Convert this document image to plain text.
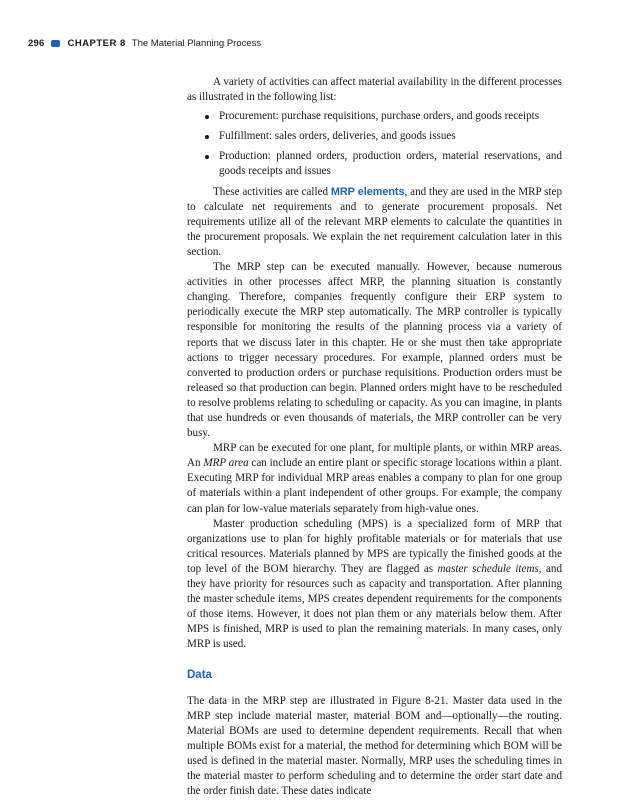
296 CHAPTER 8 The Material Planning Process

A variety of activities can affect material availability in the different processes as illustrated in the following list:

Procurement: purchase requisitions, purchase orders, and goods receipts
Fulfillment: sales orders, deliveries, and goods issues
Production: planned orders, production orders, material reservations, and goods receipts and issues

These activities are called MRP elements, and they are used in the MRP step to calculate net requirements and to generate procurement proposals. Net requirements utilize all of the relevant MRP elements to calculate the quantities in the procurement proposals. We explain the net requirement calculation later in this section.

The MRP step can be executed manually. However, because numerous activities in other processes affect MRP, the planning situation is constantly changing. Therefore, companies frequently configure their ERP system to periodically execute the MRP step automatically. The MRP controller is typically responsible for monitoring the results of the planning process via a variety of reports that we discuss later in this chapter. He or she must then take appropriate actions to trigger necessary procedures. For example, planned orders must be converted to production orders or purchase requisitions. Production orders must be released so that production can begin. Planned orders might have to be rescheduled to resolve problems relating to scheduling or capacity. As you can imagine, in plants that use hundreds or even thousands of materials, the MRP controller can be very busy.

MRP can be executed for one plant, for multiple plants, or within MRP areas. An MRP area can include an entire plant or specific storage locations within a plant. Executing MRP for individual MRP areas enables a company to plan for one group of materials within a plant independent of other groups. For example, the company can plan for low-value materials separately from high-value ones.

Master production scheduling (MPS) is a specialized form of MRP that organizations use to plan for highly profitable materials or for materials that use critical resources. Materials planned by MPS are typically the finished goods at the top level of the BOM hierarchy. They are flagged as master schedule items, and they have priority for resources such as capacity and transportation. After planning the master schedule items, MPS creates dependent requirements for the components of those items. However, it does not plan them or any materials below them. After MPS is finished, MRP is used to plan the remaining materials. In many cases, only MRP is used.

Data

The data in the MRP step are illustrated in Figure 8-21. Master data used in the MRP step include material master, material BOM and—optionally—the routing. Material BOMs are used to determine dependent requirements. Recall that when multiple BOMs exist for a material, the method for determining which BOM will be used is defined in the material master. Normally, MRP uses the scheduling times in the material master to perform scheduling and to determine the order start date and the order finish date. These dates indicate
